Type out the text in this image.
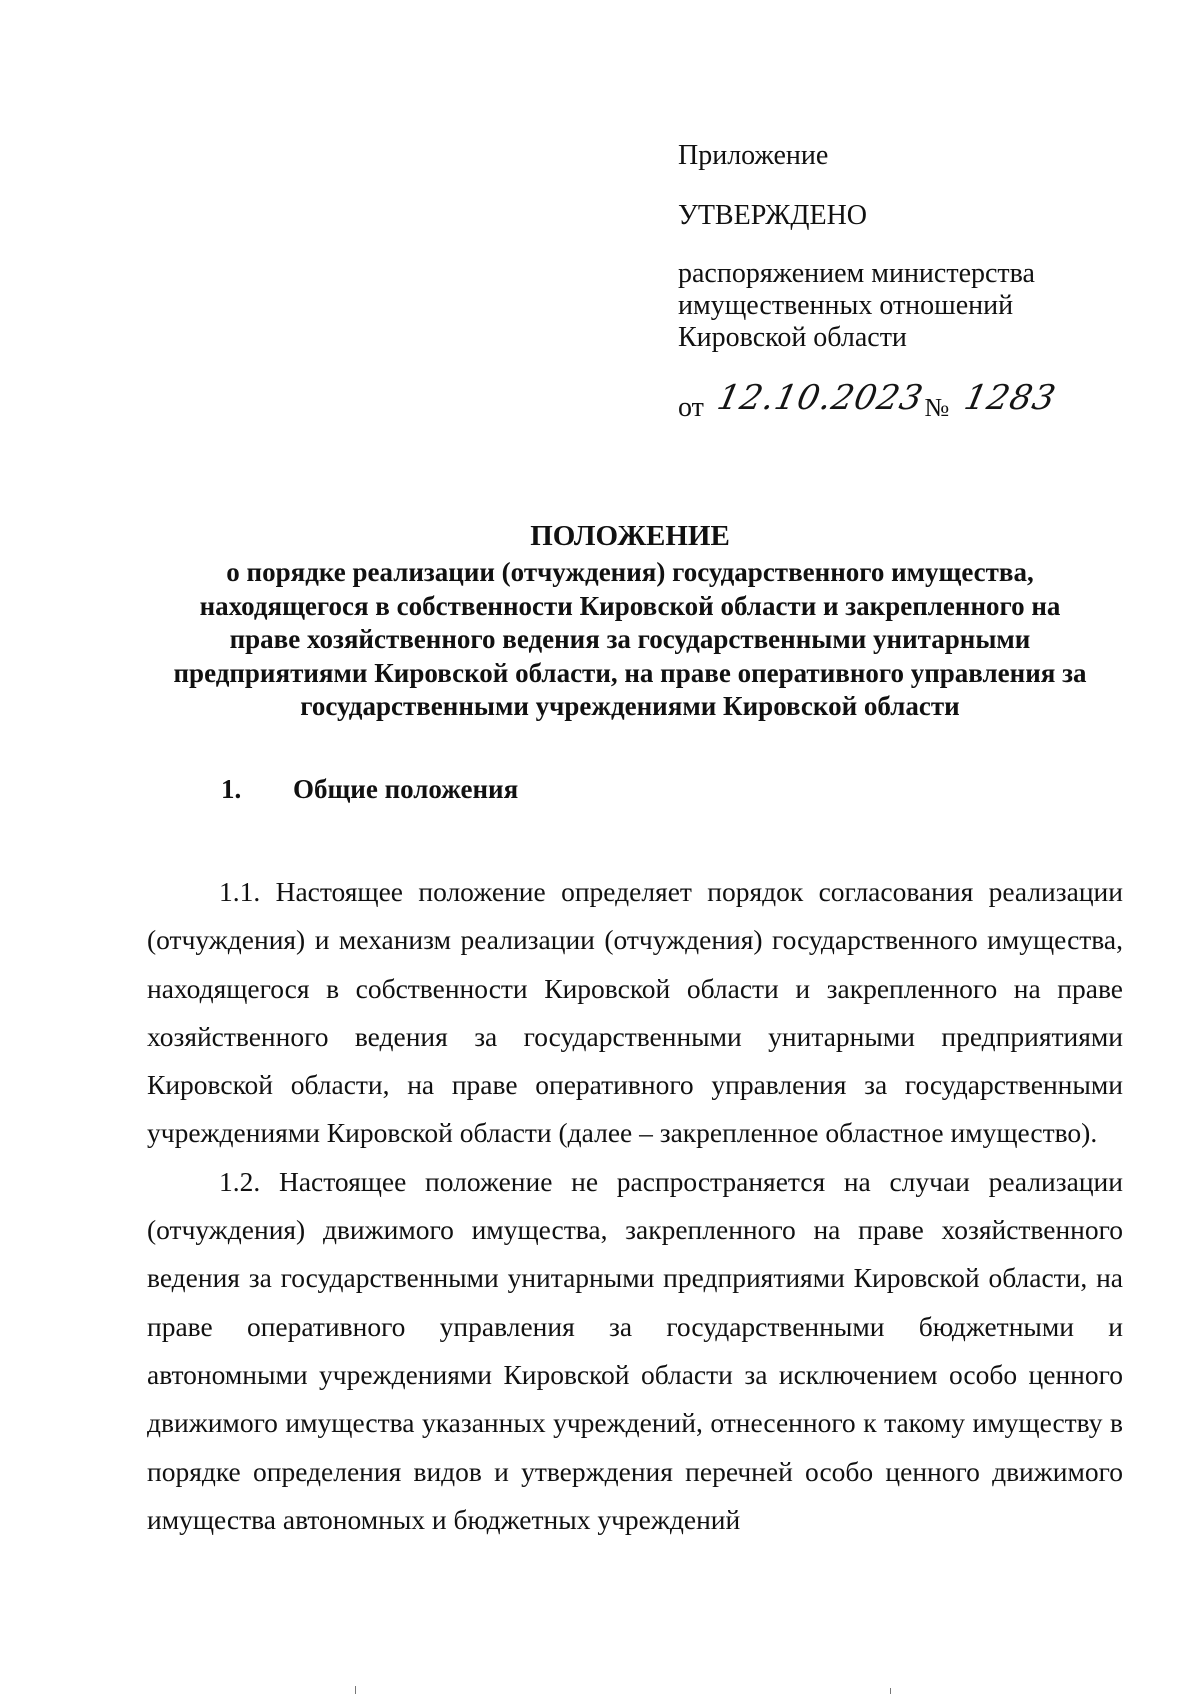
Приложение
УТВЕРЖДЕНО
распоряжением министерства
имущественных отношений
Кировской области
от 12.10.2023
№ 1283
ПОЛОЖЕНИЕ
о порядке реализации (отчуждения) государственного имущества,
находящегося в собственности Кировской области и закрепленного на
праве хозяйственного ведения за государственными унитарными
предприятиями Кировской области, на праве оперативного управления за
государственными учреждениями Кировской области
1. Общие положения

1.1. Настоящее положение определяет порядок согласования реализации (отчуждения) и механизм реализации (отчуждения) государственного имущества, находящегося в собственности Кировской области и закрепленного на праве хозяйственного ведения за государственными унитарными предприятиями Кировской области, на праве оперативного управления за государственными учреждениями Кировской области (далее – закрепленное областное имущество).

1.2. Настоящее положение не распространяется на случаи реализации (отчуждения) движимого имущества, закрепленного на праве хозяйственного ведения за государственными унитарными предприятиями Кировской области, на праве оперативного управления за государственными бюджетными и автономными учреждениями Кировской области за исключением особо ценного движимого имущества указанных учреждений, отнесенного к такому имуществу в порядке определения видов и утверждения перечней особо ценного движимого имущества автономных и бюджетных учреждений
